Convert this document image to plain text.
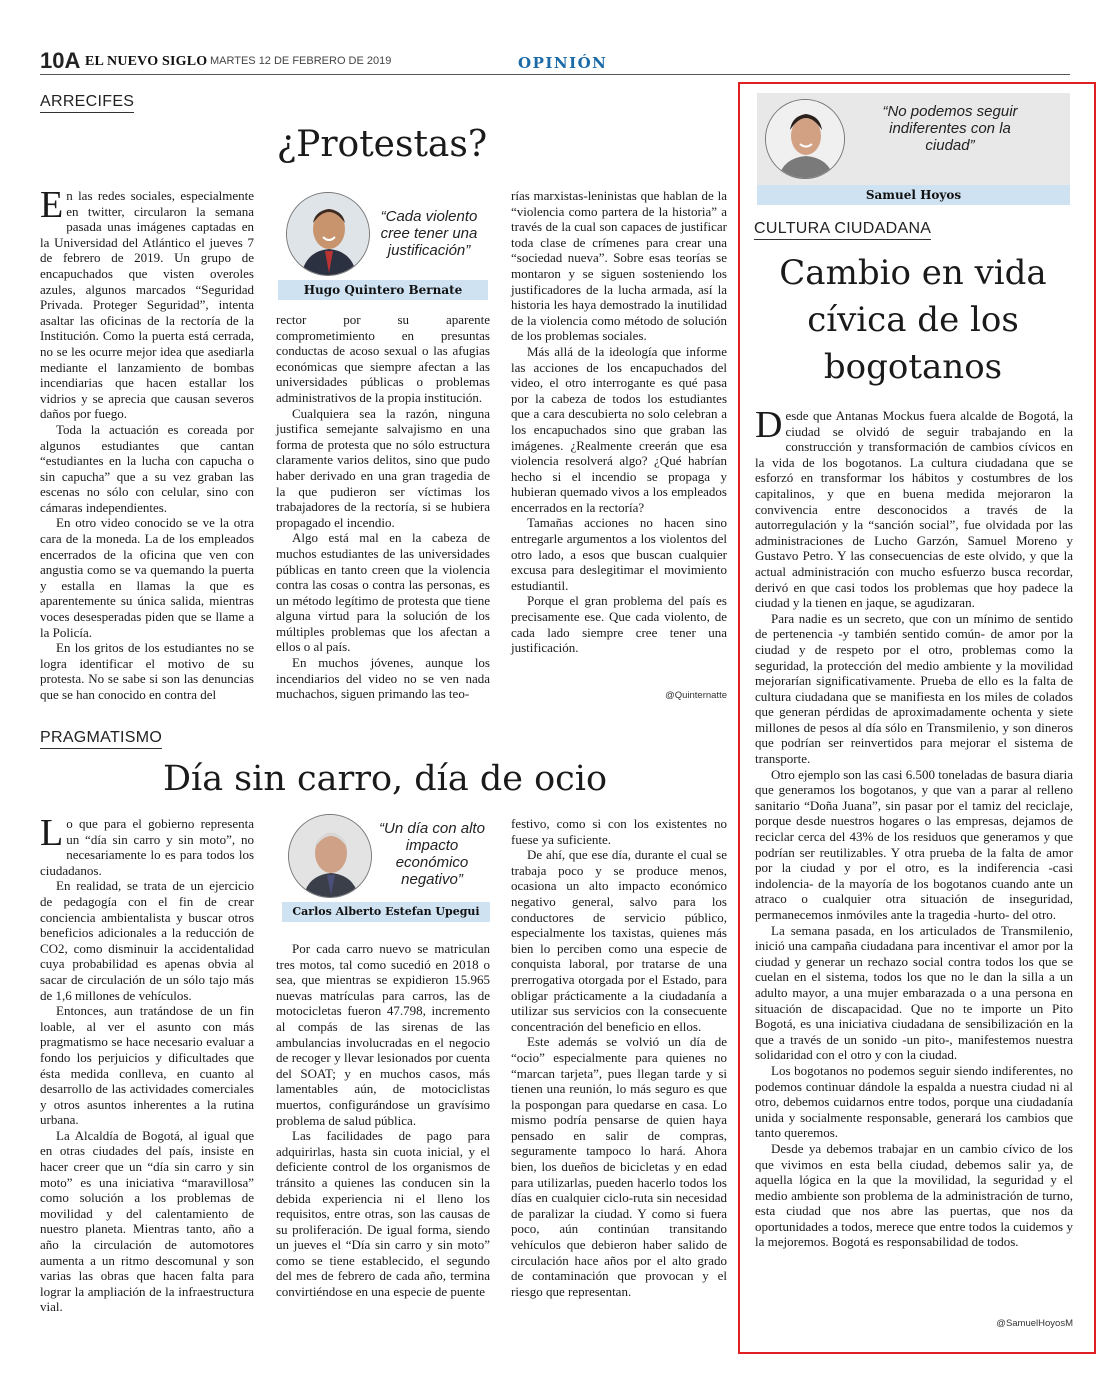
10A EL NUEVO SIGLO MARTES 12 DE FEBRERO DE 2019	OPINIÓN
ARRECIFES
¿Protestas?
“Cada violento cree tener una justificación”
Hugo Quintero Bernate

En las redes sociales, especialmente en twitter, circularon la semana pasada unas imágenes captadas en la Universidad del Atlántico el jueves 7 de febrero de 2019. Un grupo de encapuchados que visten overoles azules, algunos marcados “Seguridad Privada. Proteger Seguridad”, intenta asaltar las oficinas de la rectoría de la Institución. Como la puerta está cerrada, no se les ocurre mejor idea que asediarla mediante el lanzamiento de bombas incendiarias que hacen estallar los vidrios y se aprecia que causan severos daños por fuego.

Toda la actuación es coreada por algunos estudiantes que cantan “estudiantes en la lucha con capucha o sin capucha” que a su vez graban las escenas no sólo con celular, sino con cámaras independientes.

En otro video conocido se ve la otra cara de la moneda. La de los empleados encerrados de la oficina que ven con angustia como se va quemando la puerta y estalla en llamas la que es aparentemente su única salida, mientras voces desesperadas piden que se llame a la Policía.

En los gritos de los estudiantes no se logra identificar el motivo de su protesta. No se sabe si son las denuncias que se han conocido en contra del

rector por su aparente comprometimiento en presuntas conductas de acoso sexual o las afugias económicas que siempre afectan a las universidades públicas o problemas administrativos de la propia institución.

Cualquiera sea la razón, ninguna justifica semejante salvajismo en una forma de protesta que no sólo estructura claramente varios delitos, sino que pudo haber derivado en una gran tragedia de la que pudieron ser víctimas los trabajadores de la rectoría, si se hubiera propagado el incendio.

Algo está mal en la cabeza de muchos estudiantes de las universidades públicas en tanto creen que la violencia contra las cosas o contra las personas, es un método legítimo de protesta que tiene alguna virtud para la solución de los múltiples problemas que los afectan a ellos o al país.

En muchos jóvenes, aunque los incendiarios del video no se ven nada muchachos, siguen primando las teo-

rías marxistas-leninistas que hablan de la “violencia como partera de la historia” a través de la cual son capaces de justificar toda clase de crímenes para crear una “sociedad nueva”. Sobre esas teorías se montaron y se siguen sosteniendo los justificadores de la lucha armada, así la historia les haya demostrado la inutilidad de la violencia como método de solución de los problemas sociales.

Más allá de la ideología que informe las acciones de los encapuchados del video, el otro interrogante es qué pasa por la cabeza de todos los estudiantes que a cara descubierta no solo celebran a los encapuchados sino que graban las imágenes. ¿Realmente creerán que esa violencia resolverá algo? ¿Qué habrían hecho si el incendio se propaga y hubieran quemado vivos a los empleados encerrados en la rectoría?

Tamañas acciones no hacen sino entregarle argumentos a los violentos del otro lado, a esos que buscan cualquier excusa para deslegitimar el movimiento estudiantil.

Porque el gran problema del país es precisamente ese. Que cada violento, de cada lado siempre cree tener una justificación.

@Quinternatte
PRAGMATISMO
Día sin carro, día de ocio
“Un día con alto impacto económico negativo”
Carlos Alberto Estefan Upegui

Lo que para el gobierno representa un “día sin carro y sin moto”, no necesariamente lo es para todos los ciudadanos.

En realidad, se trata de un ejercicio de pedagogía con el fin de crear conciencia ambientalista y buscar otros beneficios adicionales a la reducción de CO2, como disminuir la accidentalidad cuya probabilidad es apenas obvia al sacar de circulación de un sólo tajo más de 1,6 millones de vehículos.

Entonces, aun tratándose de un fin loable, al ver el asunto con más pragmatismo se hace necesario evaluar a fondo los perjuicios y dificultades que ésta medida conlleva, en cuanto al desarrollo de las actividades comerciales y otros asuntos inherentes a la rutina urbana.

La Alcaldía de Bogotá, al igual que en otras ciudades del país, insiste en hacer creer que un “día sin carro y sin moto” es una iniciativa “maravillosa” como solución a los problemas de movilidad y del calentamiento de nuestro planeta. Mientras tanto, año a año la circulación de automotores aumenta a un ritmo descomunal y son varias las obras que hacen falta para lograr la ampliación de la infraestructura vial.

Por cada carro nuevo se matriculan tres motos, tal como sucedió en 2018 o sea, que mientras se expidieron 15.965 nuevas matrículas para carros, las de motocicletas fueron 47.798, incremento al compás de las sirenas de las ambulancias involucradas en el negocio de recoger y llevar lesionados por cuenta del SOAT; y en muchos casos, más lamentables aún, de motociclistas muertos, configurándose un gravísimo problema de salud pública.

Las facilidades de pago para adquirirlas, hasta sin cuota inicial, y el deficiente control de los organismos de tránsito a quienes las conducen sin la debida experiencia ni el lleno los requisitos, entre otras, son las causas de su proliferación. De igual forma, siendo un jueves el “Día sin carro y sin moto” como se tiene establecido, el segundo del mes de febrero de cada año, termina convirtiéndose en una especie de puente

festivo, como si con los existentes no fuese ya suficiente.

De ahí, que ese día, durante el cual se trabaja poco y se produce menos, ocasiona un alto impacto económico negativo general, salvo para los conductores de servicio público, especialmente los taxistas, quienes más bien lo perciben como una especie de conquista laboral, por tratarse de una prerrogativa otorgada por el Estado, para obligar prácticamente a la ciudadanía a utilizar sus servicios con la consecuente concentración del beneficio en ellos.

Este además se volvió un día de “ocio” especialmente para quienes no “marcan tarjeta”, pues llegan tarde y si tienen una reunión, lo más seguro es que la pospongan para quedarse en casa. Lo mismo podría pensarse de quien haya pensado en salir de compras, seguramente tampoco lo hará. Ahora bien, los dueños de bicicletas y en edad para utilizarlas, pueden hacerlo todos los días en cualquier ciclo-ruta sin necesidad de paralizar la ciudad. Y como si fuera poco, aún continúan transitando vehículos que debieron haber salido de circulación hace años por el alto grado de contaminación que provocan y el riesgo que representan.

“No podemos seguir indiferentes con la ciudad”
Samuel Hoyos
CULTURA CIUDADANA
Cambio en vida
cívica de los
bogotanos

Desde que Antanas Mockus fuera alcalde de Bogotá, la ciudad se olvidó de seguir trabajando en la construcción y transformación de cambios cívicos en la vida de los bogotanos. La cultura ciudadana que se esforzó en transformar los hábitos y costumbres de los capitalinos, y que en buena medida mejoraron la convivencia entre desconocidos a través de la autorregulación y la “sanción social”, fue olvidada por las administraciones de Lucho Garzón, Samuel Moreno y Gustavo Petro. Y las consecuencias de este olvido, y que la actual administración con mucho esfuerzo busca recordar, derivó en que casi todos los problemas que hoy padece la ciudad y la tienen en jaque, se agudizaran.

Para nadie es un secreto, que con un mínimo de sentido de pertenencia -y también sentido común- de amor por la ciudad y de respeto por el otro, problemas como la seguridad, la protección del medio ambiente y la movilidad mejorarían significativamente. Prueba de ello es la falta de cultura ciudadana que se manifiesta en los miles de colados que generan pérdidas de aproximadamente ochenta y siete millones de pesos al día sólo en Transmilenio, y son dineros que podrían ser reinvertidos para mejorar el sistema de transporte.

Otro ejemplo son las casi 6.500 toneladas de basura diaria que generamos los bogotanos, y que van a parar al relleno sanitario “Doña Juana”, sin pasar por el tamiz del reciclaje, porque desde nuestros hogares o las empresas, dejamos de reciclar cerca del 43% de los residuos que generamos y que podrían ser reutilizables. Y otra prueba de la falta de amor por la ciudad y por el otro, es la indiferencia -casi indolencia- de la mayoría de los bogotanos cuando ante un atraco o cualquier otra situación de inseguridad, permanecemos inmóviles ante la tragedia -hurto- del otro.

La semana pasada, en los articulados de Transmilenio, inició una campaña ciudadana para incentivar el amor por la ciudad y generar un rechazo social contra todos los que se cuelan en el sistema, todos los que no le dan la silla a un adulto mayor, a una mujer embarazada o a una persona en situación de discapacidad. Que no te importe un Pito Bogotá, es una iniciativa ciudadana de sensibilización en la que a través de un sonido -un pito-, manifestemos nuestra solidaridad con el otro y con la ciudad.

Los bogotanos no podemos seguir siendo indiferentes, no podemos continuar dándole la espalda a nuestra ciudad ni al otro, debemos cuidarnos entre todos, porque una ciudadanía unida y socialmente responsable, generará los cambios que tanto queremos.

Desde ya debemos trabajar en un cambio cívico de los que vivimos en esta bella ciudad, debemos salir ya, de aquella lógica en la que la movilidad, la seguridad y el medio ambiente son problema de la administración de turno, esta ciudad que nos abre las puertas, que nos da oportunidades a todos, merece que entre todos la cuidemos y la mejoremos. Bogotá es responsabilidad de todos.

@SamuelHoyosM
